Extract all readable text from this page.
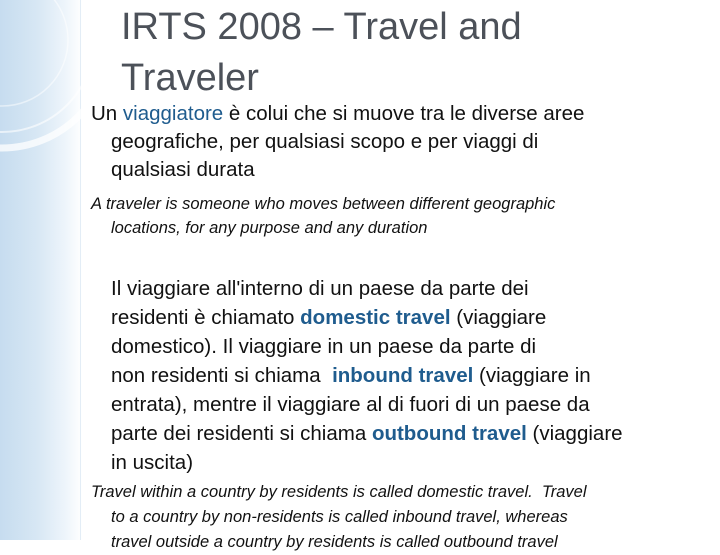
IRTS 2008 – Travel and
Traveler
Un viaggiatore è colui che si muove tra le diverse aree
geografiche, per qualsiasi scopo e per viaggi di
qualsiasi durata
A traveler is someone who moves between different geographic
locations, for any purpose and any duration
Il viaggiare all'interno di un paese da parte dei
residenti è chiamato domestic travel (viaggiare
domestico). Il viaggiare in un paese da parte di
non residenti si chiama  inbound travel (viaggiare in
entrata), mentre il viaggiare al di fuori di un paese da
parte dei residenti si chiama outbound travel (viaggiare
in uscita)
Travel within a country by residents is called domestic travel.  Travel
to a country by non-residents is called inbound travel, whereas
travel outside a country by residents is called outbound travel
